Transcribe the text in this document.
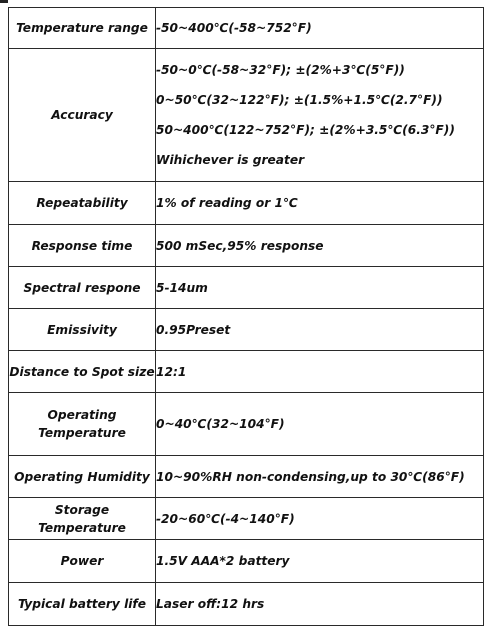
Temperature range	-50~400℃(-58~752°F)
Accuracy	-50~0℃(-58~32°F); ±(2%+3℃(5°F))
0~50℃(32~122°F); ±(1.5%+1.5℃(2.7°F))
50~400℃(122~752°F); ±(2%+3.5℃(6.3°F))
Wihichever is greater

Repeatability	1% of reading or 1℃
Response time	500 mSec,95% response
Spectral respone	5-14um
Emissivity	0.95Preset
Distance to Spot size	12:1
Operating Temperature	0~40℃(32~104°F)
Operating Humidity	10~90%RH non-condensing,up to 30℃(86°F)
Storage Temperature	-20~60℃(-4~140°F)
Power	1.5V AAA*2 battery
Typical battery life	Laser off:12 hrs
